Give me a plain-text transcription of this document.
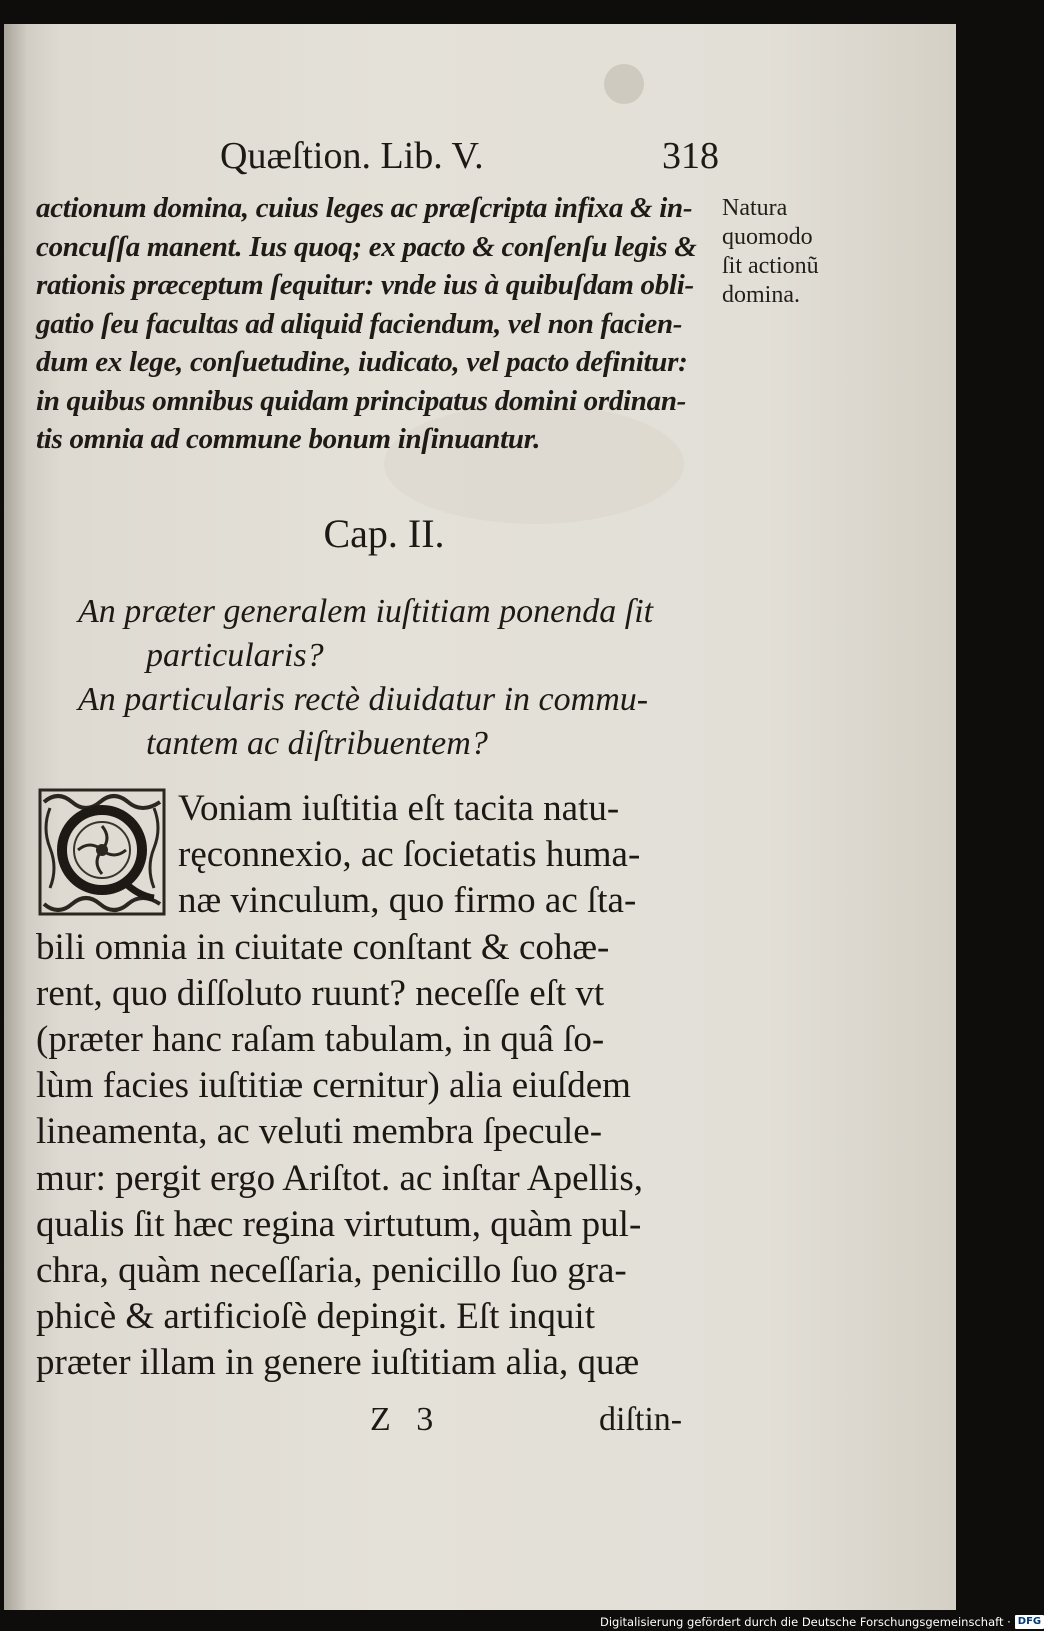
Quæſtion. Lib. V.	318
actionum domina, cuius leges ac præſcripta infixa & in-
concuſſa manent. Ius quoq; ex pacto & conſenſu legis &
rationis præceptum ſequitur: vnde ius à quibuſdam obli-
gatio ſeu facultas ad aliquid faciendum, vel non facien-
dum ex lege, conſuetudine, iudicato, vel pacto definitur:
in quibus omnibus quidam principatus domini ordinan-
tis omnia ad commune bonum inſinuantur.
Natura
quomodo
ſit actionũ
domina.
Cap. II.
An præter generalem iuſtitiam ponenda ſit
particularis?
An particularis rectè diuidatur in commu-
tantem ac diſtribuentem?
Voniam iuſtitia eſt tacita natu-
ręconnexio, ac ſocietatis huma-
næ vinculum, quo firmo ac ſta-
bili omnia in ciuitate conſtant & cohæ-
rent, quo diſſoluto ruunt? neceſſe eſt vt
(præter hanc raſam tabulam, in quâ ſo-
lùm facies iuſtitiæ cernitur) alia eiuſdem
lineamenta, ac veluti membra ſpecule-
mur: pergit ergo Ariſtot. ac inſtar Apellis,
qualis ſit hæc regina virtutum, quàm pul-
chra, quàm neceſſaria, penicillo ſuo gra-
phicè & artificioſè depingit. Eſt inquit
præter illam in genere iuſtitiam alia, quæ
Z   3	diſtin-
Digitalisierung gefördert durch die Deutsche Forschungsgemeinschaft · DFG
